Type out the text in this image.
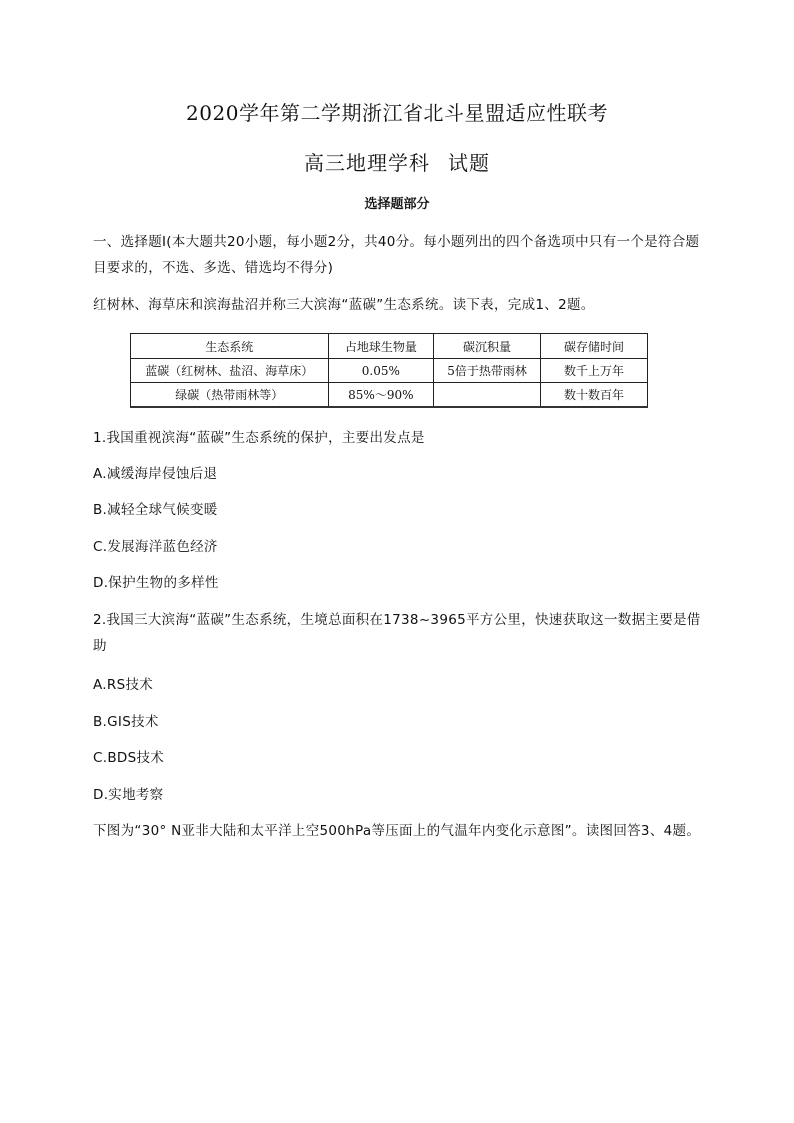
2020学年第二学期浙江省北斗星盟适应性联考
高三地理学科 试题
选择题部分
一、选择题Ⅰ(本大题共20小题，每小题2分，共40分。每小题列出的四个备选项中只有一个是符合题目要求的，不选、多选、错选均不得分)
红树林、海草床和滨海盐沼并称三大滨海“蓝碳”生态系统。读下表，完成1、2题。
生态系统	占地球生物量	碳沉积量	碳存储时间
蓝碳（红树林、盐沼、海草床）	0.05%	5倍于热带雨林	数千上万年
绿碳（热带雨林等）	85%～90%		数十数百年
1.我国重视滨海“蓝碳”生态系统的保护，主要出发点是
A.减缓海岸侵蚀后退
B.减轻全球气候变暖
C.发展海洋蓝色经济
D.保护生物的多样性
2.我国三大滨海“蓝碳”生态系统，生境总面积在1738~3965平方公里，快速获取这一数据主要是借助
A.RS技术
B.GIS技术
C.BDS技术
D.实地考察
下图为“30° N亚非大陆和太平洋上空500hPa等压面上的气温年内变化示意图”。读图回答3、4题。
